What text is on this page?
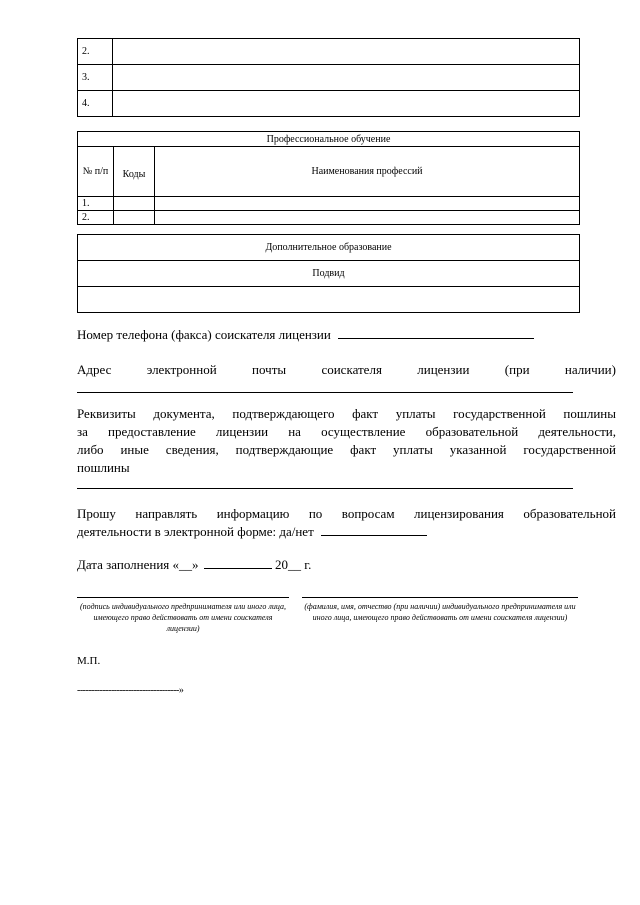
2.	
3.	
4.	
Профессиональное обучение		
№ п/п	Коды	Наименования профессий
1.		
2.		
Дополнительное образование
Подвид

Номер телефона (факса) соискателя лицензии
Адрес	электронной	почты	соискателя	лицензии	(при	наличии)
Реквизиты документа, подтверждающего факт уплаты государственной пошлины
за предоставление лицензии на осуществление образовательной деятельности,
либо иные сведения, подтверждающие факт уплаты указанной государственной
пошлины
Прошу направлять информацию по вопросам лицензирования образовательной
деятельности в электронной форме: да/нет
Дата заполнения «__»	20__ г.
(подпись индивидуального предпринимателя или иного лица, имеющего право действовать от имени соискателя лицензии)
(фамилия, имя, отчество (при наличии) индивидуального предпринимателя или иного лица, имеющего право действовать от имени соискателя лицензии)
М.П.
------------------------------------»
